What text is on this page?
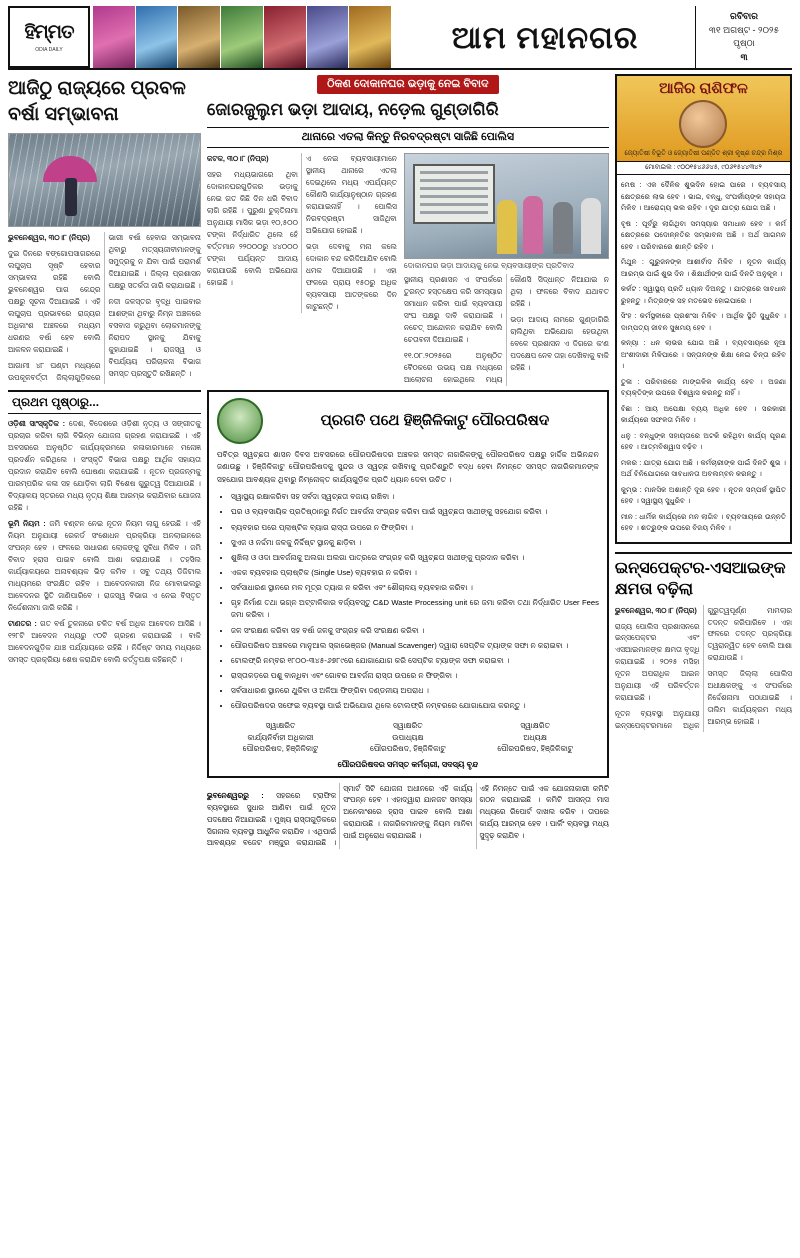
ହିମ୍ମତ
ODIA DAILY	ଆମ ମହାନଗର
ରବିବାର
୩୧ ଅଗଷ୍ଟ - ୨୦୨୫
ପୃଷ୍ଠା
୩
ଆଜିଠୁ ରାଜ୍ୟରେ ପ୍ରବଳ ବର୍ଷା ସମ୍ଭାବନା

ଭୁବନେଶ୍ୱର, ୩୦।୮ (ନିପ୍ର)

ଦୁଇ ଦିନରେ ବଙ୍ଗୋପସାଗରରେ ଲଘୁଚାପ ସୃଷ୍ଟି ହେବାର ସମ୍ଭାବନା ରହିଛି ବୋଲି ଭୁବନେଶ୍ୱର ପାଗ କେନ୍ଦ୍ର ପକ୍ଷରୁ ସୂଚନା ଦିଆଯାଇଛି । ଏହି ଲଘୁଚାପ ପ୍ରଭାବରେ ରାଜ୍ୟର ଅଧିକାଂଶ ଅଞ୍ଚଳରେ ମଧ୍ୟମ ଧରଣର ବର୍ଷା ହେବ ବୋଲି ଆକଳନ କରାଯାଇଛି ।

ଆଗାମୀ ୪୮ ଘଣ୍ଟା ମଧ୍ୟରେ ଉପକୂଳବର୍ତ୍ତୀ ଜିଲ୍ଲାଗୁଡ଼ିକରେ ଭାରୀ ବର୍ଷା ହେବାର ସମ୍ଭାବନା ଥିବାରୁ ମତ୍ସ୍ୟଜୀବୀମାନଙ୍କୁ ସମୁଦ୍ରକୁ ନ ଯିବା ପାଇଁ ପରାମର୍ଶ ଦିଆଯାଇଛି । ଜିଲ୍ଲା ପ୍ରଶାସନ ପକ୍ଷରୁ ସତର୍କତା ଜାରି କରାଯାଇଛି ।

ନଦୀ ଜଳସ୍ତର ବୃଦ୍ଧି ପାଇବାର ଆଶଙ୍କା ଥିବାରୁ ନିମ୍ନ ଅଞ୍ଚଳରେ ବସବାସ କରୁଥିବା ଲୋକମାନଙ୍କୁ ନିରାପଦ ସ୍ଥାନକୁ ଯିବାକୁ କୁହାଯାଇଛି । ରାଜସ୍ୱ ଓ ବିପର୍ଯ୍ୟୟ ପରିଚାଳନା ବିଭାଗ ସମସ୍ତ ପ୍ରସ୍ତୁତି ରଖିଛନ୍ତି ।

ପ୍ରଥମ ପୃଷ୍ଠାରୁ...

ଓଡ଼ିଶୀ ସାଂସ୍କୃତିକ : ଦେଶ, ବିଦେଶରେ ଓଡ଼ିଶୀ ନୃତ୍ୟ ଓ ସଙ୍ଗୀତକୁ ପ୍ରଚାର କରିବା ଲାଗି ବିଭିନ୍ନ ଯୋଜନା ଗ୍ରହଣ କରାଯାଇଛି । ଏହି ଅବସରରେ ଅନୁଷ୍ଠିତ କାର୍ଯ୍ୟକ୍ରମରେ କଳାକାରମାନେ ମନୋଜ୍ଞ ପ୍ରଦର୍ଶନ କରିଥିଲେ । ସଂସ୍କୃତି ବିଭାଗ ପକ୍ଷରୁ ଆର୍ଥିକ ସହାୟତା ପ୍ରଦାନ କରାଯିବ ବୋଲି ଘୋଷଣା କରାଯାଇଛି । ନୂତନ ପ୍ରଜନ୍ମକୁ ପାରମ୍ପରିକ କଳା ସହ ଯୋଡ଼ିବା ଲାଗି ବିଶେଷ ଗୁରୁତ୍ୱ ଦିଆଯାଉଛି । ବିଦ୍ୟାଳୟ ସ୍ତରରେ ମଧ୍ୟ ନୃତ୍ୟ ଶିକ୍ଷା ଆରମ୍ଭ କରାଯିବାର ଯୋଜନା ରହିଛି ।

ଭୂମି ନିୟମ : ଜମି ବଣ୍ଟନ ନେଇ ନୂତନ ନିୟମ ଲାଗୁ ହେଉଛି । ଏହି ନିୟମ ଅନୁଯାୟୀ ରେକର୍ଡ ସଂଶୋଧନ ପ୍ରକ୍ରିୟା ଅନଲାଇନରେ ସଂପନ୍ନ ହେବ । ଫଳରେ ସାଧାରଣ ଲୋକଙ୍କୁ ସୁବିଧା ମିଳିବ । ଜମି ବିବାଦ ହ୍ରାସ ପାଇବ ବୋଲି ଆଶା କରାଯାଉଛି । ତହସିଲ କାର୍ଯ୍ୟାଳୟରେ ଅନାବଶ୍ୟକ ଭିଡ଼ କମିବ । ସବୁ ତଥ୍ୟ ଡିଜିଟାଲ ମାଧ୍ୟମରେ ସଂରକ୍ଷିତ ରହିବ । ଆବେଦନକାରୀ ନିଜ ମୋବାଇଲରୁ ଆବେଦନର ସ୍ଥିତି ଜାଣିପାରିବେ । ରାଜସ୍ୱ ବିଭାଗ ଏ ନେଇ ବିସ୍ତୃତ ନିର୍ଦ୍ଦେଶନାମା ଜାରି କରିଛି ।

ଟାଣତର : ଗତ ବର୍ଷ ତୁଳନାରେ ଚଳିତ ବର୍ଷ ଅଧିକ ଆବେଦନ ଆସିଛି । ୧୨୮ଟି ଆବେଦନ ମଧ୍ୟରୁ ୯୦ଟି ଗ୍ରହଣ କରାଯାଇଛି । ବାକି ଆବେଦନଗୁଡ଼ିକ ଯାଞ୍ଚ ପର୍ଯ୍ୟାୟରେ ରହିଛି । ନିର୍ଦ୍ଦିଷ୍ଟ ସମୟ ମଧ୍ୟରେ ସମସ୍ତ ପ୍ରକ୍ରିୟା ଶେଷ କରାଯିବ ବୋଲି କର୍ତ୍ତୃପକ୍ଷ କହିଛନ୍ତି ।

ଠିକଣ ଦୋକାନଘର ଭଡ଼ାକୁ ନେଇ ବିବାଦ
ଜୋରଜୁଲୁମ ଭଡ଼ା ଆଦାୟ, ନଡ଼େଲ ଗୁଣ୍ଡାଗିରି
ଥାନାରେ ଏତଲା କିନ୍ତୁ ନିରବଦ୍ରଷ୍ଟା ସାଜିଛି ପୋଲିସ

କଟକ, ୩୦।୮ (ନିପ୍ର)

ସହର ମଧ୍ୟଭାଗରେ ଥିବା ଦୋକାନଘରଗୁଡ଼ିକର ଭଡ଼ାକୁ ନେଇ ଗତ କିଛି ଦିନ ଧରି ବିବାଦ ଲାଗି ରହିଛି । ପୁରୁଣା ଚୁକ୍ତିନାମା ଅନୁଯାୟୀ ମାସିକ ଭଡ଼ା ୧୦,୫୦୦ ଟଙ୍କା ନିର୍ଦ୍ଧାରିତ ଥିଲେ ହେଁ ବର୍ତ୍ତମାନ ୨୨୦୦୦ରୁ ୪୪୦୦୦ ଟଙ୍କା ପର୍ଯ୍ୟନ୍ତ ଆଦାୟ କରାଯାଉଛି ବୋଲି ଅଭିଯୋଗ ହୋଇଛି ।

ଏ ନେଇ ବ୍ୟବସାୟୀମାନେ ସ୍ଥାନୀୟ ଥାନାରେ ଏତଲା ଦେଇଥିଲେ ମଧ୍ୟ ଏପର୍ଯ୍ୟନ୍ତ କୌଣସି କାର୍ଯ୍ୟାନୁଷ୍ଠାନ ଗ୍ରହଣ କରାଯାଇନାହିଁ । ପୋଲିସ ନିରବଦ୍ରଷ୍ଟା ସାଜିଥିବା ଅଭିଯୋଗ ହୋଇଛି ।

ଭଡ଼ା ଦେବାକୁ ମନା କଲେ ଦୋକାନ ବନ୍ଦ କରିଦିଆଯିବ ବୋଲି ଧମକ ଦିଆଯାଉଛି । ଏହା ଫଳରେ ପ୍ରାୟ ୧୫୦ରୁ ଅଧିକ ବ୍ୟବସାୟୀ ଆତଙ୍କରେ ଦିନ କାଟୁଛନ୍ତି ।

ଦୋକାନଘର ଭଡ଼ା ଆଦାୟକୁ ନେଇ ବ୍ୟବସାୟୀଙ୍କ ପ୍ରତିବାଦ

ସ୍ଥାନୀୟ ପ୍ରଶାସନ ଏ ସଂପର୍କରେ ତୁରନ୍ତ ହସ୍ତକ୍ଷେପ କରି ସମସ୍ୟାର ସମାଧାନ କରିବା ପାଇଁ ବ୍ୟବସାୟୀ ସଂଘ ପକ୍ଷରୁ ଦାବି କରାଯାଇଛି । ନଚେତ୍ ଆନ୍ଦୋଳନ କରାଯିବ ବୋଲି ଚେତାବନୀ ଦିଆଯାଇଛି ।

୧୧.୦୮.୨୦୨୫ରେ ଅନୁଷ୍ଠିତ ବୈଠକରେ ଉଭୟ ପକ୍ଷ ମଧ୍ୟରେ ଆଲୋଚନା ହୋଇଥିଲେ ମଧ୍ୟ କୌଣସି ସିଦ୍ଧାନ୍ତ ନିଆଯାଇ ନ ଥିଲା । ଫଳରେ ବିବାଦ ଯଥାବତ ରହିଛି ।

ଭଡ଼ା ଆଦାୟ ନାମରେ ଗୁଣ୍ଡାଗିରି ଚାଲିଥିବା ଅଭିଯୋଗ ହେଉଥିବା ବେଳେ ପ୍ରଶାସନ ଏ ଦିଗରେ କ'ଣ ପଦକ୍ଷେପ ନେବ ତାହା ଦେଖିବାକୁ ବାକି ରହିଛି ।

ପ୍ରଗତି ପଥେ ହିଞ୍ଜିଳିକାଟୁ ପୌରପରିଷଦ
ପବିତ୍ର ସ୍ୱଚ୍ଛତା ଶାସନ ଦିବସ ଅବସରରେ ପୌରପରିଷଦର ଅଞ୍ଚଳର ସମସ୍ତ ନାଗରିକଙ୍କୁ ପୌରପରିଷଦ ପକ୍ଷରୁ ହାର୍ଦ୍ଦିକ ଅଭିନନ୍ଦନ ଜଣାଉଛୁ । ହିଞ୍ଜିଳିକାଟୁ ପୌରପରିଷଦକୁ ସୁନ୍ଦର ଓ ସ୍ୱଚ୍ଛ ରଖିବାକୁ ପ୍ରତିଶ୍ରୁତି ବଦ୍ଧ ହେବା ନିମନ୍ତେ ସମସ୍ତ ନାଗରିକମାନଙ୍କ ସହଯୋଗ ଆବଶ୍ୟକ ଥିବାରୁ ନିମ୍ନୋକ୍ତ କାର୍ଯ୍ୟଗୁଡ଼ିକ ପ୍ରତି ଧ୍ୟାନ ଦେବା ଉଚିତ ।
• ସ୍ୱାସ୍ଥ୍ୟ ରକ୍ଷାକରିବା ସହ ସର୍ବଦା ସ୍ୱଚ୍ଛତା ବଜାୟ ରଖିବା ।
• ଘର ଓ ବ୍ୟବସାୟିକ ପ୍ରତିଷ୍ଠାନରୁ ନିର୍ଗତ ଆବର୍ଜନା ସଂଗ୍ରହ କରିବା ପାଇଁ ସ୍ୱଚ୍ଛତା ସାଥୀଙ୍କୁ ସହଯୋଗ କରିବା ।
• ବ୍ୟବହାର ପରେ ପ୍ଲାଷ୍ଟିକ ବ୍ୟାଗ ରାସ୍ତା ଉପରେ ନ ଫିଙ୍ଗିବା ।
• ସୁଏଜ ଓ ନର୍ଦ୍ଦମା ଜଳକୁ ନିର୍ଦ୍ଦିଷ୍ଟ ସ୍ଥାନକୁ ଛାଡ଼ିବା ।
• ଶୁଖିଲା ଓ ଓଦା ଆବର୍ଜନାକୁ ଅଲଗା ଅଲଗା ପାତ୍ରରେ ସଂଗ୍ରହ କରି ସ୍ୱଚ୍ଛତା ସାଥୀଙ୍କୁ ପ୍ରଦାନ କରିବା ।
• ଏକକ ବ୍ୟବହାର ପ୍ଲାଷ୍ଟିକ (Single Use) ବ୍ୟବହାର ନ କରିବା ।
• ସର୍ବସାଧାରଣ ସ୍ଥାନରେ ମଳ ମୂତ୍ର ତ୍ୟାଗ ନ କରିବା ଏବଂ ଶୌଚାଳୟ ବ୍ୟବହାର କରିବା ।
• ଗୃହ ନିର୍ମାଣ ତଥା ଭଗ୍ନ ଅଟ୍ଟାଳିକାର ବର୍ଜ୍ୟବସ୍ତୁ C&D Waste Processing unit ରେ ଜମା କରିବା ତଥା ନିର୍ଦ୍ଧାରିତ User Fees ଜମା କରିବା ।
• ଜଳ ସଂରକ୍ଷଣ କରିବା ସହ ବର୍ଷା ଜଳକୁ ସଂଗ୍ରହ କରି ସଂରକ୍ଷଣ କରିବା ।
• ପୌରପରିଷଦ ଅଞ୍ଚଳରେ ମାନୁଆଲ ସ୍କାଭେଞ୍ଜର (Manual Scavenger) ଦ୍ୱାରା ସେପ୍ଟିକ ଟ୍ୟାଙ୍କ ସଫା ନ କରାଇବା ।
• ଟୋଲଫ୍ରି ନମ୍ବର ୧୮୦୦-୩୪୫-୬୭୮୯ରେ ଯୋଗାଯୋଗ କରି ସେପ୍ଟିକ ଟ୍ୟାଙ୍କ ସଫା କରାଇବା ।
• ରାସ୍ତାକଡ଼ରେ ପଶୁ ବାନ୍ଧିବା ଏବଂ ଗୋବର ଆବର୍ଜନା ରାସ୍ତା ଉପରେ ନ ଫିଙ୍ଗିବା ।
• ସର୍ବସାଧାରଣ ସ୍ଥାନରେ ଥୁକିବା ଓ ଅଳିଆ ଫିଙ୍ଗିବା ଦଣ୍ଡନୀୟ ଅପରାଧ ।
• ପୌରପରିଷଦର ସଫେଇ ବ୍ୟବସ୍ଥା ପାଇଁ ଅଭିଯୋଗ ଥିଲେ ଟୋଲଫ୍ରି ନମ୍ବରରେ ଯୋଗାଯୋଗ କରନ୍ତୁ ।
ସ୍ୱାକ୍ଷରିତ
କାର୍ଯ୍ୟନିର୍ବାହୀ ଅଧିକାରୀ
ପୌରପରିଷଦ, ହିଞ୍ଜିଳିକାଟୁ
ସ୍ୱାକ୍ଷରିତ
ଉପାଧ୍ୟକ୍ଷ
ପୌରପରିଷଦ, ହିଞ୍ଜିଳିକାଟୁ
ସ୍ୱାକ୍ଷରିତ
ଅଧ୍ୟକ୍ଷ
ପୌରପରିଷଦ, ହିଞ୍ଜିଳିକାଟୁ
ପୌରପରିଷଦର ସମସ୍ତ କର୍ମଚାରୀ, ସଦସ୍ୟ ବୃନ୍ଦ

ଭୁବନେଶ୍ୱରରୁ : ସହରରେ ଟ୍ରାଫିକ ବ୍ୟବସ୍ଥାରେ ସୁଧାର ଆଣିବା ପାଇଁ ନୂତନ ପଦକ୍ଷେପ ନିଆଯାଇଛି । ମୁଖ୍ୟ ରାସ୍ତାଗୁଡ଼ିକରେ ସିଗନାଲ ବ୍ୟବସ୍ଥା ଆଧୁନିକ କରାଯିବ । ଏଥିପାଇଁ ଆବଶ୍ୟକ ବଜେଟ ମଞ୍ଜୁର କରାଯାଇଛି । ସ୍ମାର୍ଟ ସିଟି ଯୋଜନା ଅଧୀନରେ ଏହି କାର୍ଯ୍ୟ ସଂପନ୍ନ ହେବ । ଏହାଦ୍ୱାରା ଯାନଜଟ ସମସ୍ୟା ଅନେକାଂଶରେ ହ୍ରାସ ପାଇବ ବୋଲି ଆଶା କରାଯାଉଛି । ନାଗରିକମାନଙ୍କୁ ନିୟମ ମାନିବା ପାଇଁ ଅନୁରୋଧ କରାଯାଇଛି ।

ଏହି ନିମନ୍ତେ ପାଇଁ ଏକ ଯୋଜନାକାରୀ କମିଟି ଗଠନ କରାଯାଇଛି । କମିଟି ଆସନ୍ତା ମାସ ମଧ୍ୟରେ ରିପୋର୍ଟ ଦାଖଲ କରିବ । ତାପରେ କାର୍ଯ୍ୟ ଆରମ୍ଭ ହେବ । ପାର୍କିଂ ବ୍ୟବସ୍ଥା ମଧ୍ୟ ସୁଦୃଢ଼ କରାଯିବ ।

ଆଜିର ରାଶିଫଳ
ଜ୍ୟୋତିଷୀ ବିଭୂତି ଓ ଜ୍ୟୋତିଷୀ ପଣ୍ଡିତ ଶ୍ରୀ କୃଷ୍ଣ ଚନ୍ଦ୍ର ମିଶ୍ର
ମୋବାଇଲ : ୯୦୦୧୫୪୬୬୪୫, ୯୦୬୧୫୪୪୩୪୨

ମେଷ : ଏକ ଦୈନିକ ଶୁଭଦିନ ହୋଇ ପାରେ । ବ୍ୟବସାୟ କ୍ଷେତ୍ରରେ ଲାଭ ହେବ । ଭାଇ, ବନ୍ଧୁ, ସଂପର୍କୀୟଙ୍କ ସହାୟତା ମିଳିବ । ଆରୋଗ୍ୟ ଭଲ ରହିବ । ଦୂର ଯାତ୍ରା ଯୋଗ ଅଛି ।

ବୃଷ : ପୂର୍ବରୁ ଲାଗିଥିବା ସମସ୍ୟାର ସମାଧାନ ହେବ । କର୍ମ କ୍ଷେତ୍ରରେ ପଦୋନ୍ନତିର ସମ୍ଭାବନା ଅଛି । ଅର୍ଥ ଆଗମନ ହେବ । ପରିବାରରେ ଶାନ୍ତି ରହିବ ।

ମିଥୁନ : ଗୁରୁଜନଙ୍କ ଆଶୀର୍ବାଦ ମିଳିବ । ନୂତନ କାର୍ଯ୍ୟ ଆରମ୍ଭ ପାଇଁ ଶୁଭ ଦିନ । ଶିକ୍ଷାର୍ଥୀଙ୍କ ପାଇଁ ଦିନଟି ଅନୁକୂଳ ।

କର୍କଟ : ସ୍ୱାସ୍ଥ୍ୟ ପ୍ରତି ଧ୍ୟାନ ଦିଅନ୍ତୁ । ଯାତ୍ରାରେ ସାବଧାନ ରୁହନ୍ତୁ । ମିତ୍ରଙ୍କ ସହ ମତଭେଦ ହୋଇପାରେ ।

ସିଂହ : କର୍ମସ୍ଥଳୀରେ ପ୍ରଶଂସା ମିଳିବ । ଆର୍ଥିକ ସ୍ଥିତି ସୁଧୁରିବ । ଦାମ୍ପତ୍ୟ ଜୀବନ ସୁଖମୟ ହେବ ।

କନ୍ୟା : ଧନ ଲାଭର ଯୋଗ ଅଛି । ବ୍ୟବସାୟରେ ନୂଆ ଅଂଶୀଦାରୀ ମିଳିପାରେ । ସନ୍ତାନଙ୍କ ଶିକ୍ଷା ନେଇ ଚିନ୍ତା ରହିବ ।

ତୁଳା : ପରିବାରରେ ମାଙ୍ଗଳିକ କାର୍ଯ୍ୟ ହେବ । ଅଜଣା ବ୍ୟକ୍ତିଙ୍କ ଉପରେ ବିଶ୍ୱାସ କରନ୍ତୁ ନାହିଁ ।

ବିଛା : ଆୟ ଅପେକ୍ଷା ବ୍ୟୟ ଅଧିକ ହେବ । ସରକାରୀ କାର୍ଯ୍ୟରେ ସଫଳତା ମିଳିବ ।

ଧନୁ : ବନ୍ଧୁଙ୍କ ସହାୟତାରେ ଅଟକି ରହିଥିବା କାର୍ଯ୍ୟ ପୂରଣ ହେବ । ଆତ୍ମବିଶ୍ୱାସ ବଢ଼ିବ ।

ମକର : ଯାତ୍ରା ଯୋଗ ଅଛି । କର୍ମଚାରୀଙ୍କ ପାଇଁ ଦିନଟି ଶୁଭ । ଅର୍ଥ ବିନିଯୋଗରେ ସାବଧାନତା ଅବଲମ୍ବନ କରନ୍ତୁ ।

କୁମ୍ଭ : ମାନସିକ ଅଶାନ୍ତି ଦୂର ହେବ । ନୂତନ ସମ୍ପର୍କ ସ୍ଥାପିତ ହେବ । ସ୍ୱାସ୍ଥ୍ୟ ସୁଧୁରିବ ।

ମୀନ : ଧାର୍ମିକ କାର୍ଯ୍ୟରେ ମନ ଲାଗିବ । ବ୍ୟବସାୟରେ ଉନ୍ନତି ହେବ । ଶତ୍ରୁଙ୍କ ଉପରେ ବିଜୟ ମିଳିବ ।

ଇନ୍ସପେକ୍ଟର-ଏସଆଇଙ୍କ କ୍ଷମତା ବଢ଼ିଲା

ଭୁବନେଶ୍ୱର, ୩୦।୮ (ନିପ୍ର)

ରାଜ୍ୟ ପୋଲିସ ପ୍ରଶାସନରେ ଇନ୍ସପେକ୍ଟର ଏବଂ ଏସଆଇମାନଙ୍କ କ୍ଷମତା ବୃଦ୍ଧି କରାଯାଇଛି । ୨୦୨୫ ମସିହା ନୂତନ ଅପରାଧିକ ଆଇନ ଅନୁଯାୟୀ ଏହି ପରିବର୍ତ୍ତନ କରାଯାଇଛି ।

ନୂତନ ବ୍ୟବସ୍ଥା ଅନୁଯାୟୀ ଇନ୍ସପେକ୍ଟରମାନେ ଅଧିକ ଗୁରୁତ୍ୱପୂର୍ଣ୍ଣ ମାମଲାର ତଦନ୍ତ କରିପାରିବେ । ଏହା ଫଳରେ ତଦନ୍ତ ପ୍ରକ୍ରିୟା ତ୍ୱରାନ୍ୱିତ ହେବ ବୋଲି ଆଶା କରାଯାଉଛି ।

ସମସ୍ତ ଜିଲ୍ଲା ପୋଲିସ ଅଧୀକ୍ଷକଙ୍କୁ ଏ ସଂପର୍କରେ ନିର୍ଦ୍ଦେଶନାମା ପଠାଯାଇଛି । ତାଲିମ କାର୍ଯ୍ୟକ୍ରମ ମଧ୍ୟ ଆରମ୍ଭ ହୋଇଛି ।
